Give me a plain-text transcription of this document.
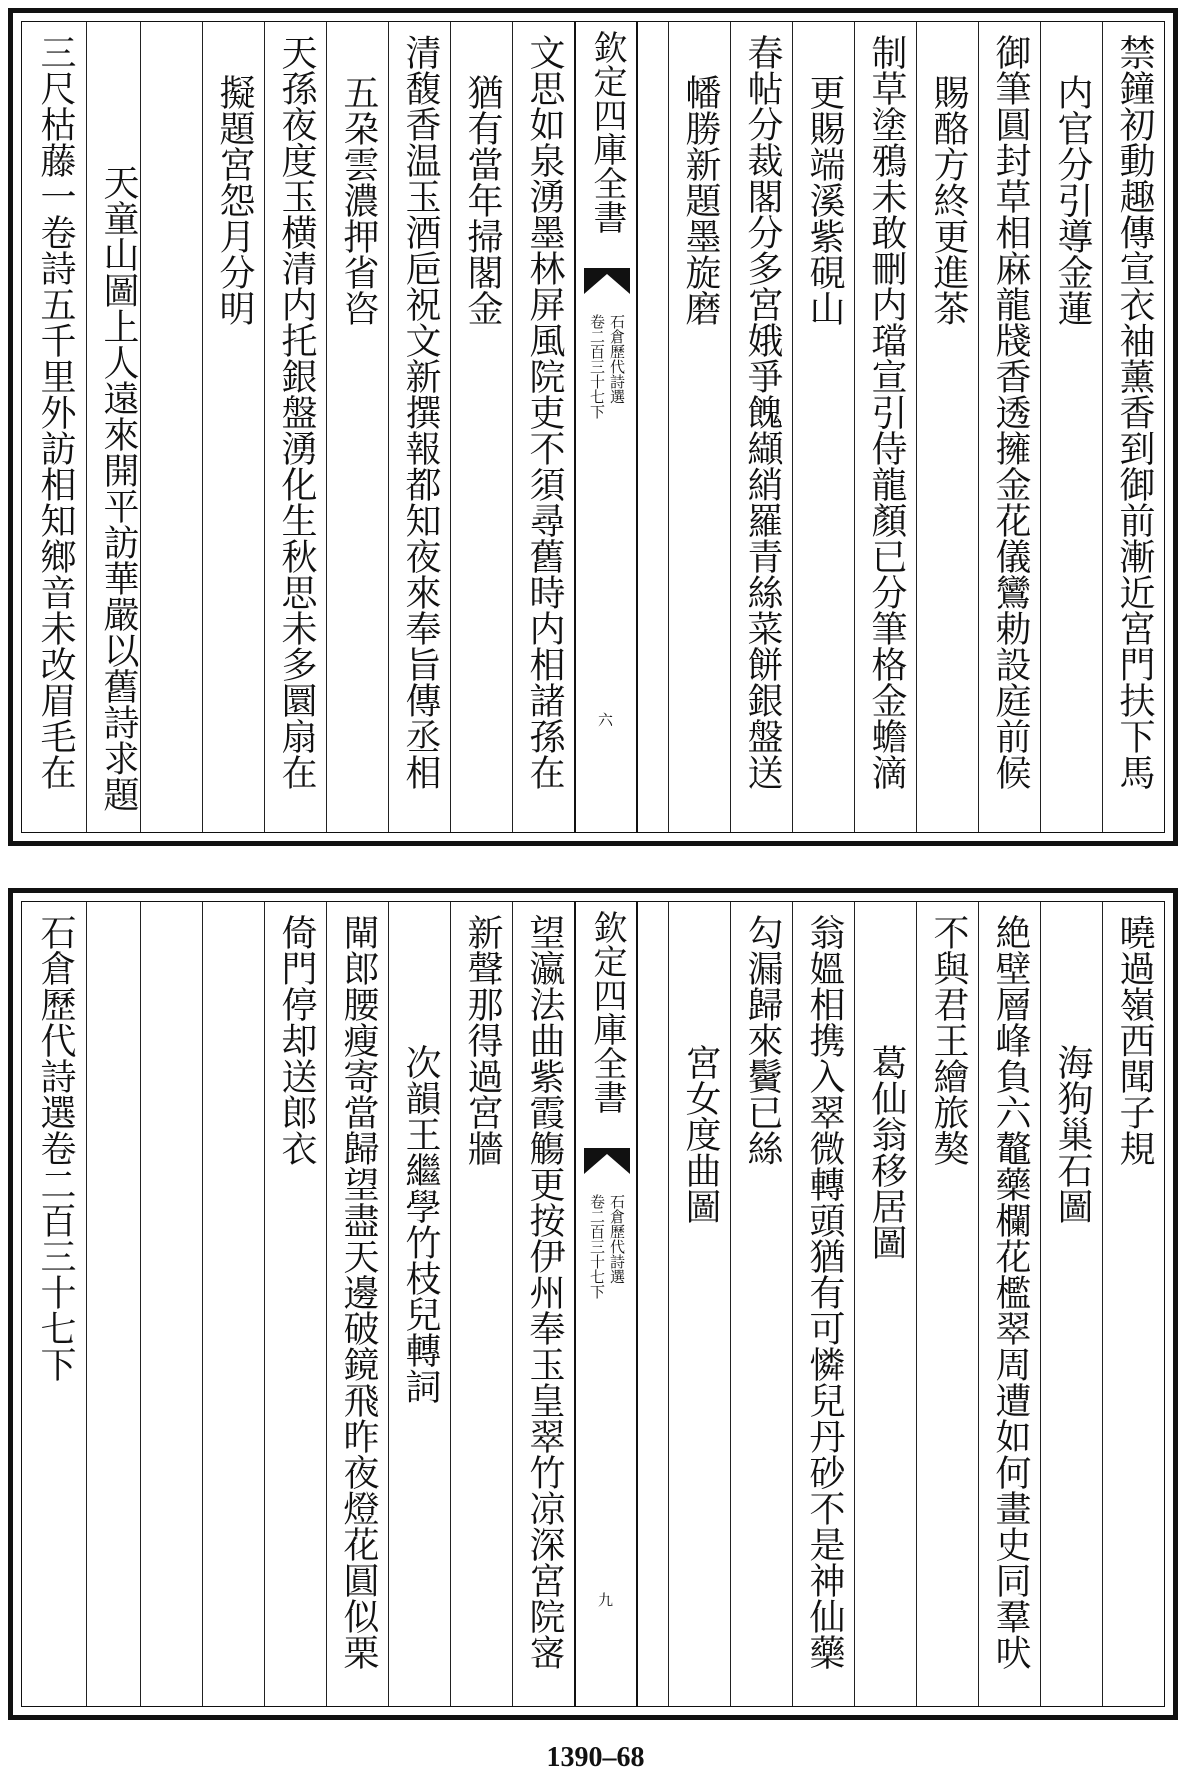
禁鐘初動趣傳宣衣袖薰香到御前漸近宮門扶下馬
内官分引導金蓮
御筆圓封草相麻龍牋香透擁金花儀鸞勅設庭前候
賜酪方終更進茶
制草塗鴉未敢刪内璫宣引侍龍顏已分筆格金蟾滴
更賜端溪紫硯山
春帖分裁閣分多宮娥爭餽纈綃羅青絲菜餅銀盤送
幡勝新題墨旋磨
欽定四庫全書
石倉歷代詩選
卷二百三十七下
六
文思如泉湧墨林屏風院吏不須尋舊時内相諸孫在
猶有當年掃閣金
清馥香温玉酒巵祝文新撰報都知夜來奉旨傳丞相
五朶雲濃押省咨
天孫夜度玉横清内托銀盤湧化生秋思未多圜扇在
擬題宮怨月分明
天童山圖上人遠來開平訪華嚴以舊詩求題
三尺枯藤一卷詩五千里外訪相知鄉音未改眉毛在
曉過嶺西聞子規
海狗巢石圖
絶壁層峰負六鼇藥欄花檻翠周遭如何畫史同羣吠
不與君王繪旅獒
葛仙翁移居圖
翁媼相携入翠微轉頭猶有可憐兒丹砂不是神仙藥
勾漏歸來鬢已絲
宮女度曲圖
欽定四庫全書
石倉歷代詩選
卷二百三十七下
九
望瀛法曲紫霞觴更按伊州奉玉皇翠竹凉深宮院宻
新聲那得過宮牆
次韻王繼學竹枝兒轉詞
閘郎腰瘦寄當歸望盡天邊破鏡飛昨夜燈花圓似栗
倚門停却送郎衣
石倉歷代詩選卷二百三十七下
1390–68
